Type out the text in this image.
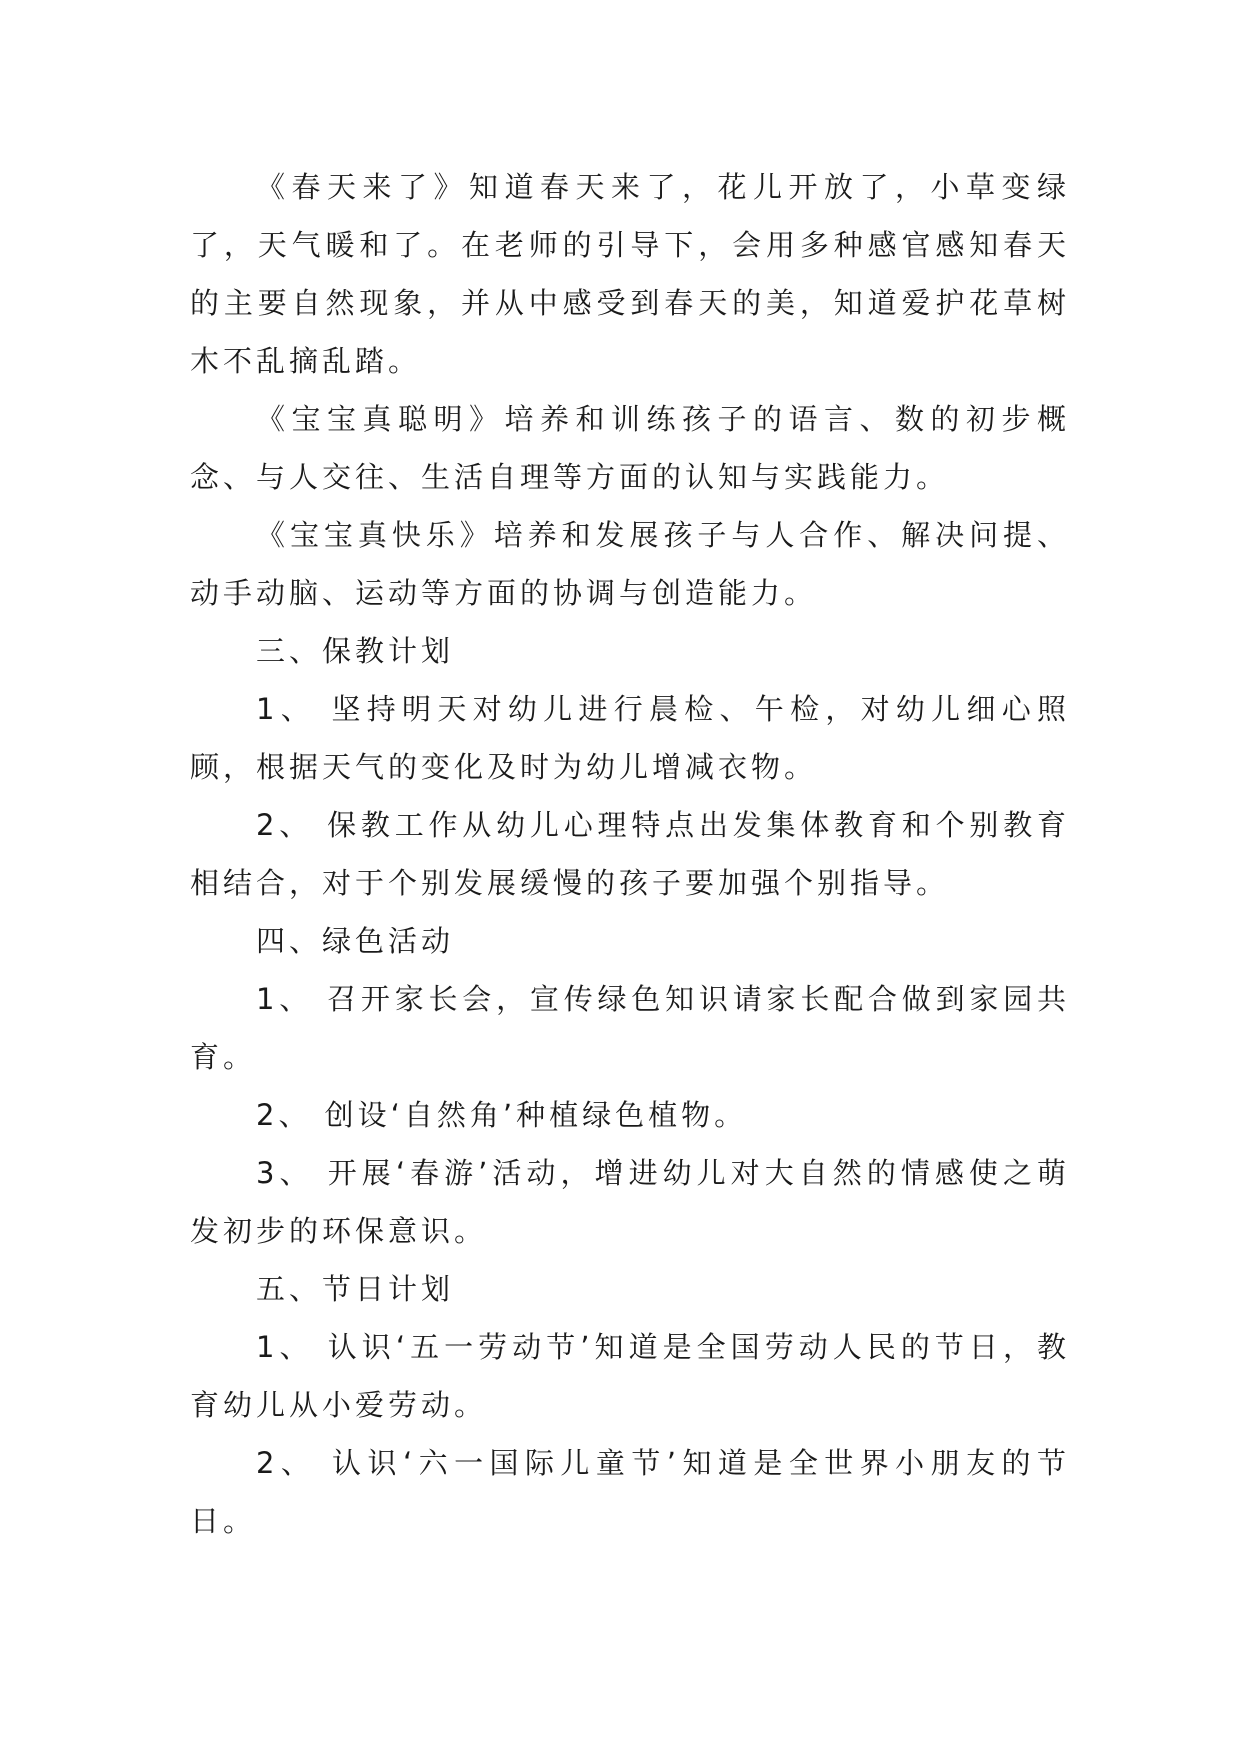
《春天来了》知道春天来了，花儿开放了，小草变绿了，天气暖和了。在老师的引导下，会用多种感官感知春天的主要自然现象，并从中感受到春天的美，知道爱护花草树木不乱摘乱踏。

《宝宝真聪明》培养和训练孩子的语言、数的初步概念、与人交往、生活自理等方面的认知与实践能力。

《宝宝真快乐》培养和发展孩子与人合作、解决问提、动手动脑、运动等方面的协调与创造能力。

三、保教计划

1、 坚持明天对幼儿进行晨检、午检，对幼儿细心照顾，根据天气的变化及时为幼儿增减衣物。

2、 保教工作从幼儿心理特点出发集体教育和个别教育相结合，对于个别发展缓慢的孩子要加强个别指导。

四、绿色活动

1、 召开家长会，宣传绿色知识请家长配合做到家园共育。

2、 创设‘自然角’种植绿色植物。

3、 开展‘春游’活动，增进幼儿对大自然的情感使之萌发初步的环保意识。

五、节日计划

1、 认识‘五一劳动节’知道是全国劳动人民的节日，教育幼儿从小爱劳动。

2、 认识‘六一国际儿童节’知道是全世界小朋友的节日。
